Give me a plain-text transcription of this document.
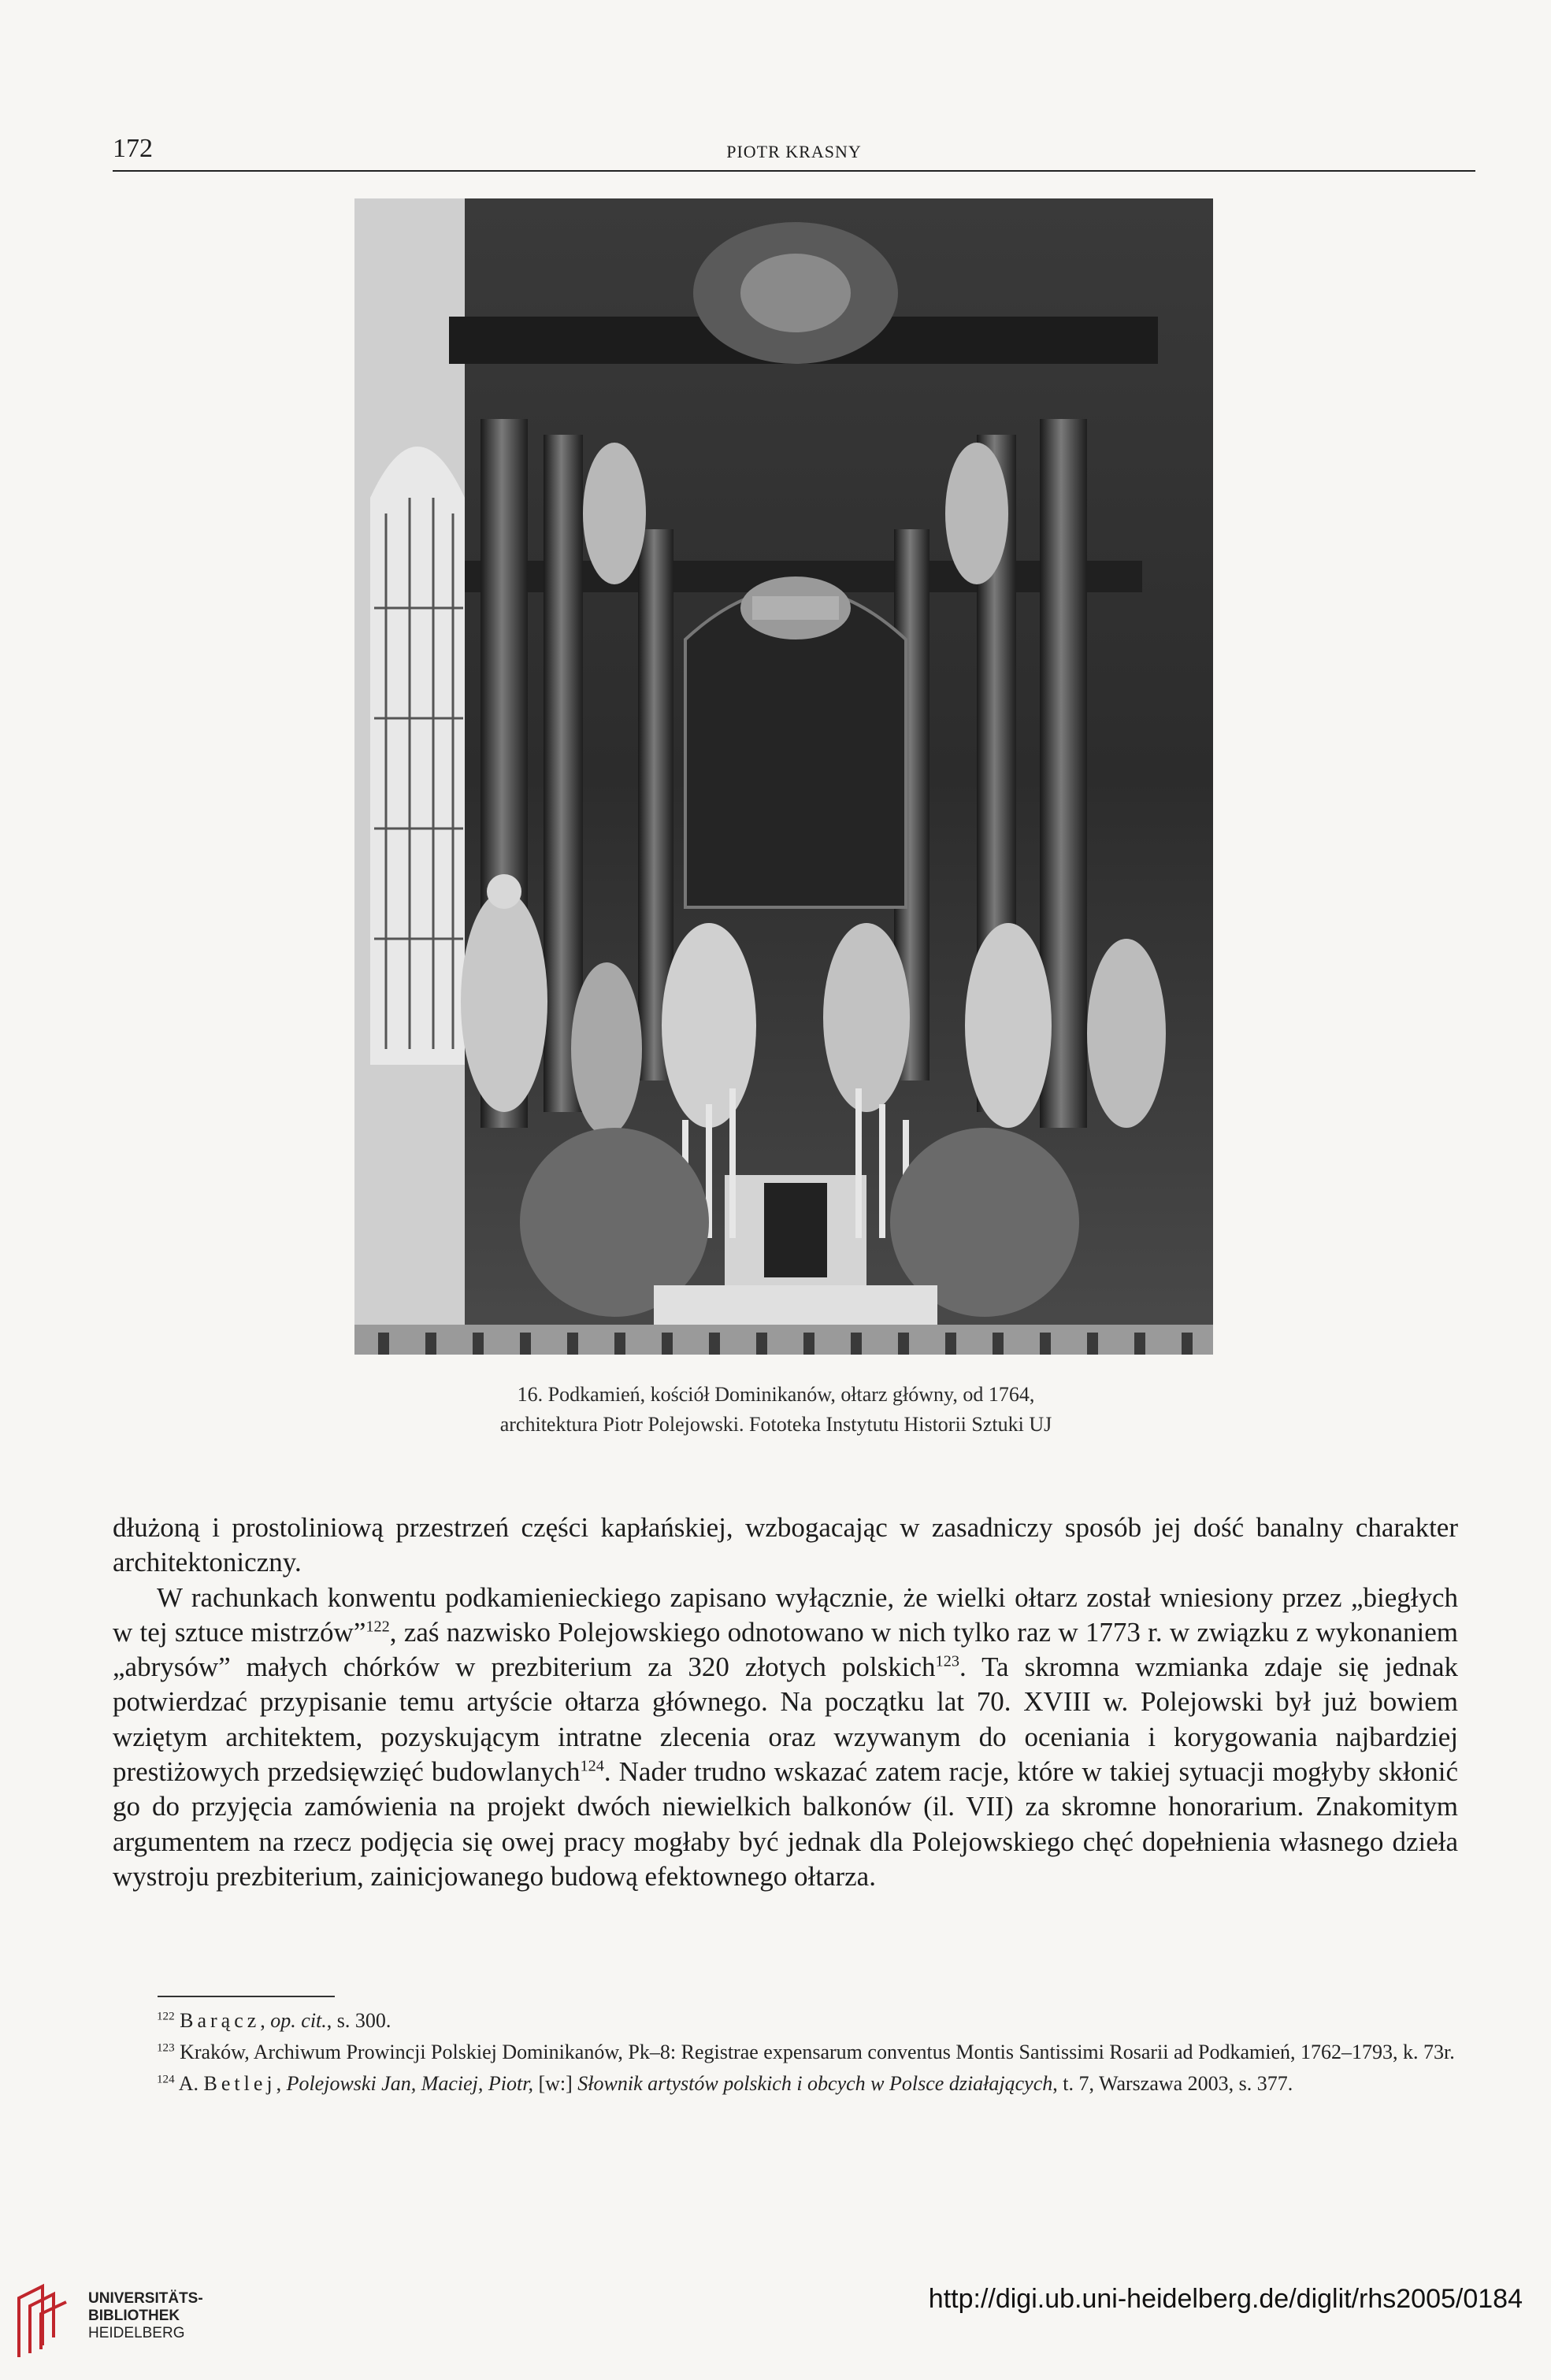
172	PIOTR KRASNY
16. Podkamień, kościół Dominikanów, ołtarz główny, od 1764,
architektura Piotr Polejowski. Fototeka Instytutu Historii Sztuki UJ

dłużoną i prostoliniową przestrzeń części kapłańskiej, wzbogacając w zasadniczy sposób jej dość banalny charakter architektoniczny.

W rachunkach konwentu podkamienieckiego zapisano wyłącznie, że wielki ołtarz został wniesiony przez „biegłych w tej sztuce mistrzów”$^{122}$, zaś nazwisko Polejowskiego odnotowano w nich tylko raz w 1773 r. w związku z wykonaniem „abrysów” małych chórków w prezbiterium za 320 złotych polskich$^{123}$. Ta skromna wzmianka zdaje się jednak potwierdzać przypisanie temu artyście ołtarza głównego. Na początku lat 70. XVIII w. Polejowski był już bowiem wziętym architektem, pozyskującym intratne zlecenia oraz wzywanym do oceniania i korygowania najbardziej prestiżowych przedsięwzięć budowlanych$^{124}$. Nader trudno wskazać zatem racje, które w takiej sytuacji mogłyby skłonić go do przyjęcia zamówienia na projekt dwóch niewielkich balkonów (il. VII) za skromne honorarium. Znakomitym argumentem na rzecz podjęcia się owej pracy mogłaby być jednak dla Polejowskiego chęć dopełnienia własnego dzieła wystroju prezbiterium, zainicjowanego budową efektownego ołtarza.

$^{122}$ Barącz, op. cit., s. 300.

$^{123}$ Kraków, Archiwum Prowincji Polskiej Dominikanów, Pk–8: Registrae expensarum conventus Montis Santissimi Rosarii ad Podkamień, 1762–1793, k. 73r.

$^{124}$ A. Betlej, Polejowski Jan, Maciej, Piotr, [w:] Słownik artystów polskich i obcych w Polsce działających, t. 7, Warszawa 2003, s. 377.

UNIVERSITÄTS-
BIBLIOTHEK
HEIDELBERG
http://digi.ub.uni-heidelberg.de/diglit/rhs2005/0184
